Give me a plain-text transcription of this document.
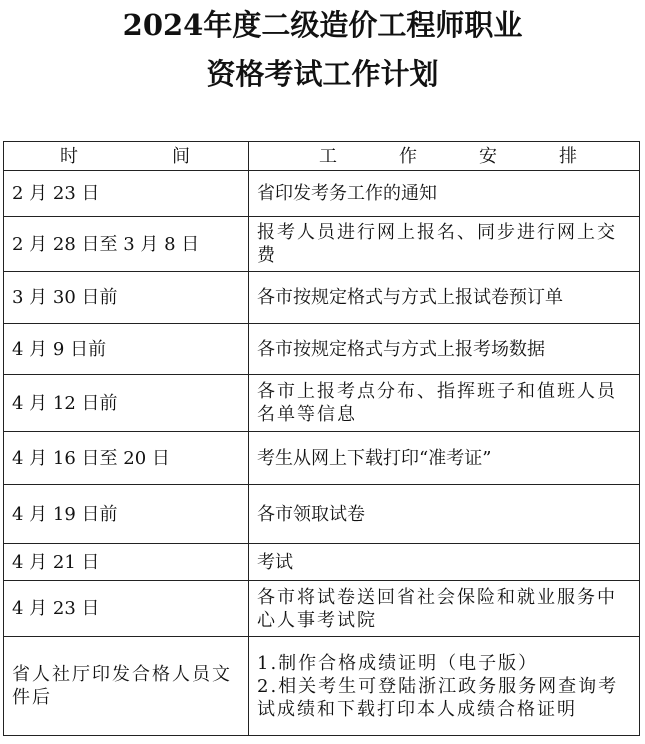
2024年度二级造价工程师职业
资格考试工作计划
时 间	工 作 安 排

2 月 23 日	省印发考务工作的通知
2 月 28 日至 3 月 8 日	报考人员进行网上报名、同步进行网上交费
3 月 30 日前	各市按规定格式与方式上报试卷预订单
4 月 9 日前	各市按规定格式与方式上报考场数据
4 月 12 日前	各市上报考点分布、指挥班子和值班人员名单等信息
4 月 16 日至 20 日	考生从网上下载打印“准考证”
4 月 19 日前	各市领取试卷
4 月 21 日	考试
4 月 23 日	各市将试卷送回省社会保险和就业服务中心人事考试院
省人社厅印发合格人员文件后	1.制作合格成绩证明（电子版）
2.相关考生可登陆浙江政务服务网查询考试成绩和下载打印本人成绩合格证明
